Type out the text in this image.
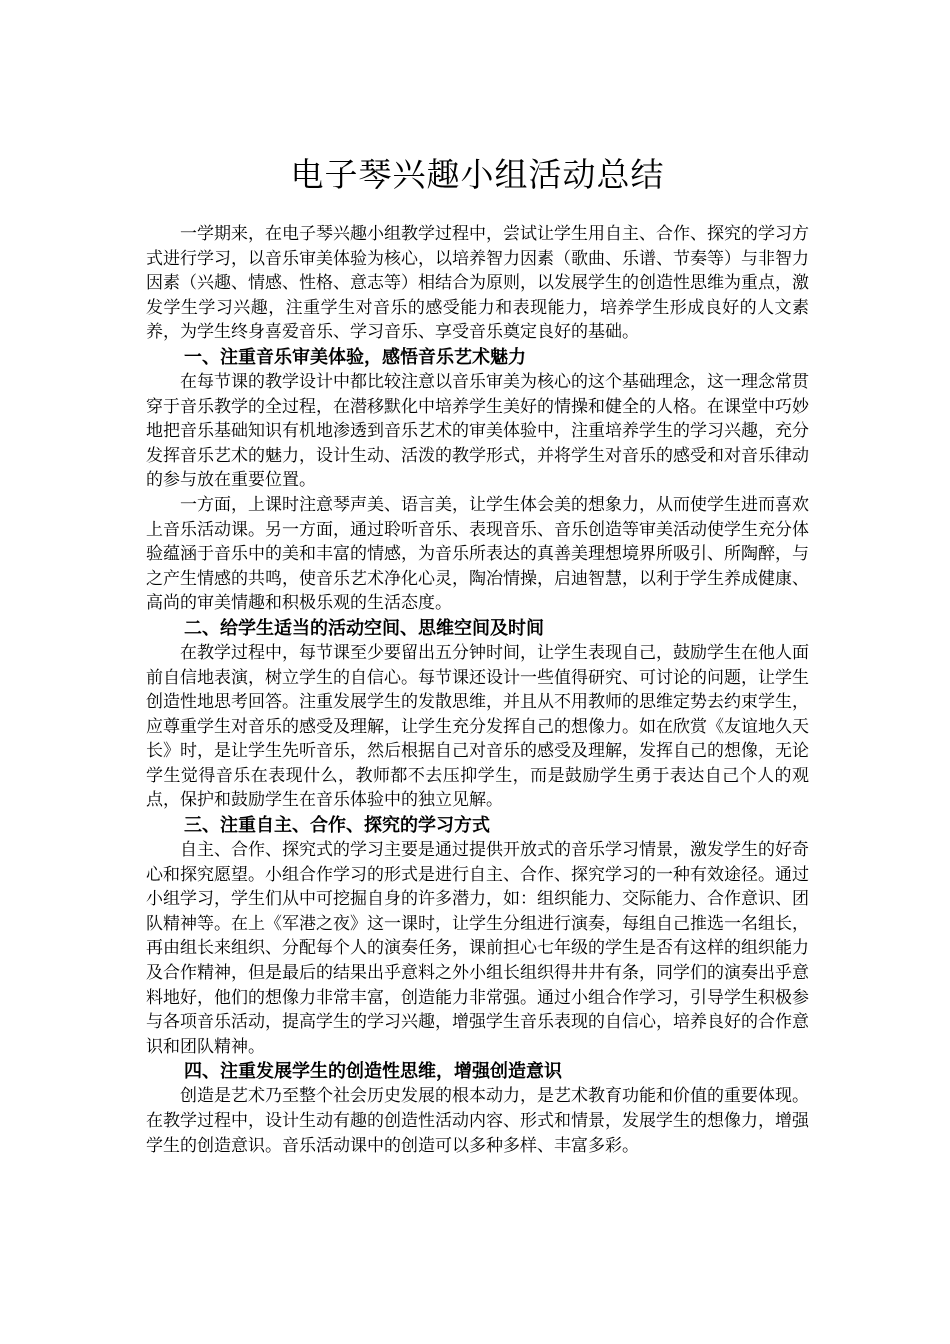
电子琴兴趣小组活动总结

一学期来，在电子琴兴趣小组教学过程中，尝试让学生用自主、合作、探究的学习方式进行学习，以音乐审美体验为核心，以培养智力因素（歌曲、乐谱、节奏等）与非智力因素（兴趣、情感、性格、意志等）相结合为原则，以发展学生的创造性思维为重点，激发学生学习兴趣，注重学生对音乐的感受能力和表现能力，培养学生形成良好的人文素养，为学生终身喜爱音乐、学习音乐、享受音乐奠定良好的基础。

一、注重音乐审美体验，感悟音乐艺术魅力

在每节课的教学设计中都比较注意以音乐审美为核心的这个基础理念，这一理念常贯穿于音乐教学的全过程，在潜移默化中培养学生美好的情操和健全的人格。在课堂中巧妙地把音乐基础知识有机地渗透到音乐艺术的审美体验中，注重培养学生的学习兴趣，充分发挥音乐艺术的魅力，设计生动、活泼的教学形式，并将学生对音乐的感受和对音乐律动的参与放在重要位置。

一方面，上课时注意琴声美、语言美，让学生体会美的想象力，从而使学生进而喜欢上音乐活动课。另一方面，通过聆听音乐、表现音乐、音乐创造等审美活动使学生充分体验蕴涵于音乐中的美和丰富的情感，为音乐所表达的真善美理想境界所吸引、所陶醉，与之产生情感的共鸣，使音乐艺术净化心灵，陶冶情操，启迪智慧，以利于学生养成健康、高尚的审美情趣和积极乐观的生活态度。

二、给学生适当的活动空间、思维空间及时间

在教学过程中，每节课至少要留出五分钟时间，让学生表现自己，鼓励学生在他人面前自信地表演，树立学生的自信心。每节课还设计一些值得研究、可讨论的问题，让学生创造性地思考回答。注重发展学生的发散思维，并且从不用教师的思维定势去约束学生，应尊重学生对音乐的感受及理解，让学生充分发挥自己的想像力。如在欣赏《友谊地久天长》时，是让学生先听音乐，然后根据自己对音乐的感受及理解，发挥自己的想像，无论学生觉得音乐在表现什么，教师都不去压抑学生，而是鼓励学生勇于表达自己个人的观点，保护和鼓励学生在音乐体验中的独立见解。

三、注重自主、合作、探究的学习方式

自主、合作、探究式的学习主要是通过提供开放式的音乐学习情景，激发学生的好奇心和探究愿望。小组合作学习的形式是进行自主、合作、探究学习的一种有效途径。通过小组学习，学生们从中可挖掘自身的许多潜力，如：组织能力、交际能力、合作意识、团队精神等。在上《军港之夜》这一课时，让学生分组进行演奏，每组自己推选一名组长，再由组长来组织、分配每个人的演奏任务，课前担心七年级的学生是否有这样的组织能力及合作精神，但是最后的结果出乎意料之外小组长组织得井井有条，同学们的演奏出乎意料地好，他们的想像力非常丰富，创造能力非常强。通过小组合作学习，引导学生积极参与各项音乐活动，提高学生的学习兴趣，增强学生音乐表现的自信心，培养良好的合作意识和团队精神。

四、注重发展学生的创造性思维，增强创造意识

创造是艺术乃至整个社会历史发展的根本动力，是艺术教育功能和价值的重要体现。在教学过程中，设计生动有趣的创造性活动内容、形式和情景，发展学生的想像力，增强学生的创造意识。音乐活动课中的创造可以多种多样、丰富多彩。
